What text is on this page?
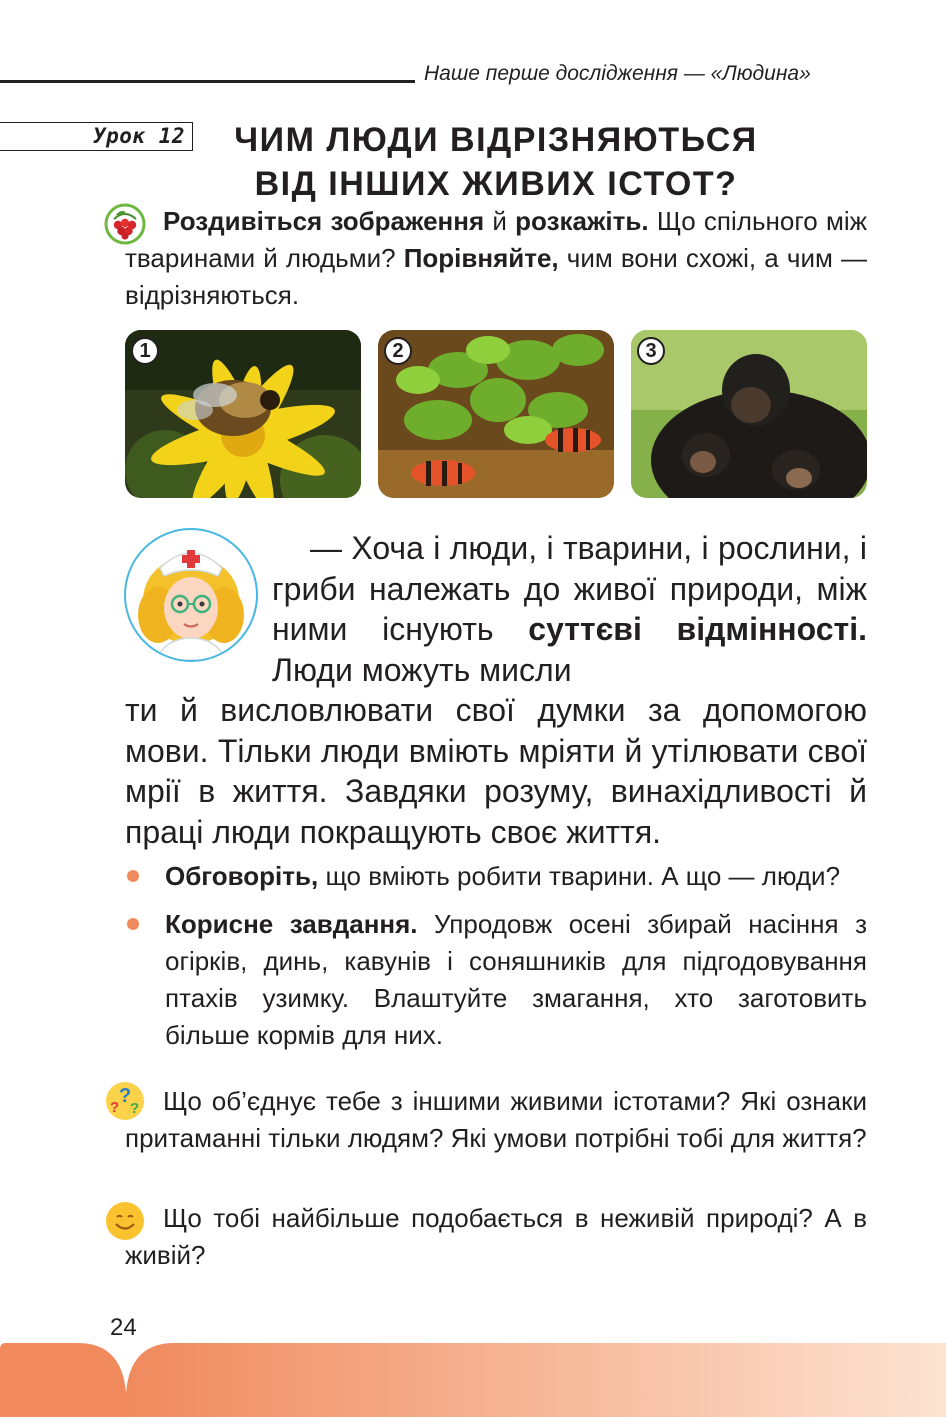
Наше перше дослідження — «Людина»
Урок 12	ЧИМ ЛЮДИ ВІДРІЗНЯЮТЬСЯ
ВІД ІНШИХ ЖИВИХ ІСТОТ?
Роздивіться зображення й розкажіть. Що спільного між тваринами й людьми? Порівняйте, чим вони схожі, а чим — відрізняються.
1	2	3
— Хоча і люди, і тварини, і рослини, і гриби належать до живої природи, між ними існують суттєві відмінності. Люди можуть мисли
ти й висловлювати свої думки за допомогою мови. Тільки люди вміють мріяти й утілювати свої мрії в життя. Завдяки розуму, винахідливості й праці люди покращують своє життя.
Обговоріть, що вміють робити тварини. А що — люди?
Корисне завдання. Упродовж осені збирай насіння з огірків, динь, кавунів і соняшників для підгодовування птахів узимку. Влаштуйте змагання, хто заготовить більше кормів для них.
?
? ? Що об’єднує тебе з іншими живими істотами? Які ознаки притаманні тільки людям? Які умови потрібні тобі для життя?
Що тобі найбільше подобається в неживій природі? А в живій?
24
